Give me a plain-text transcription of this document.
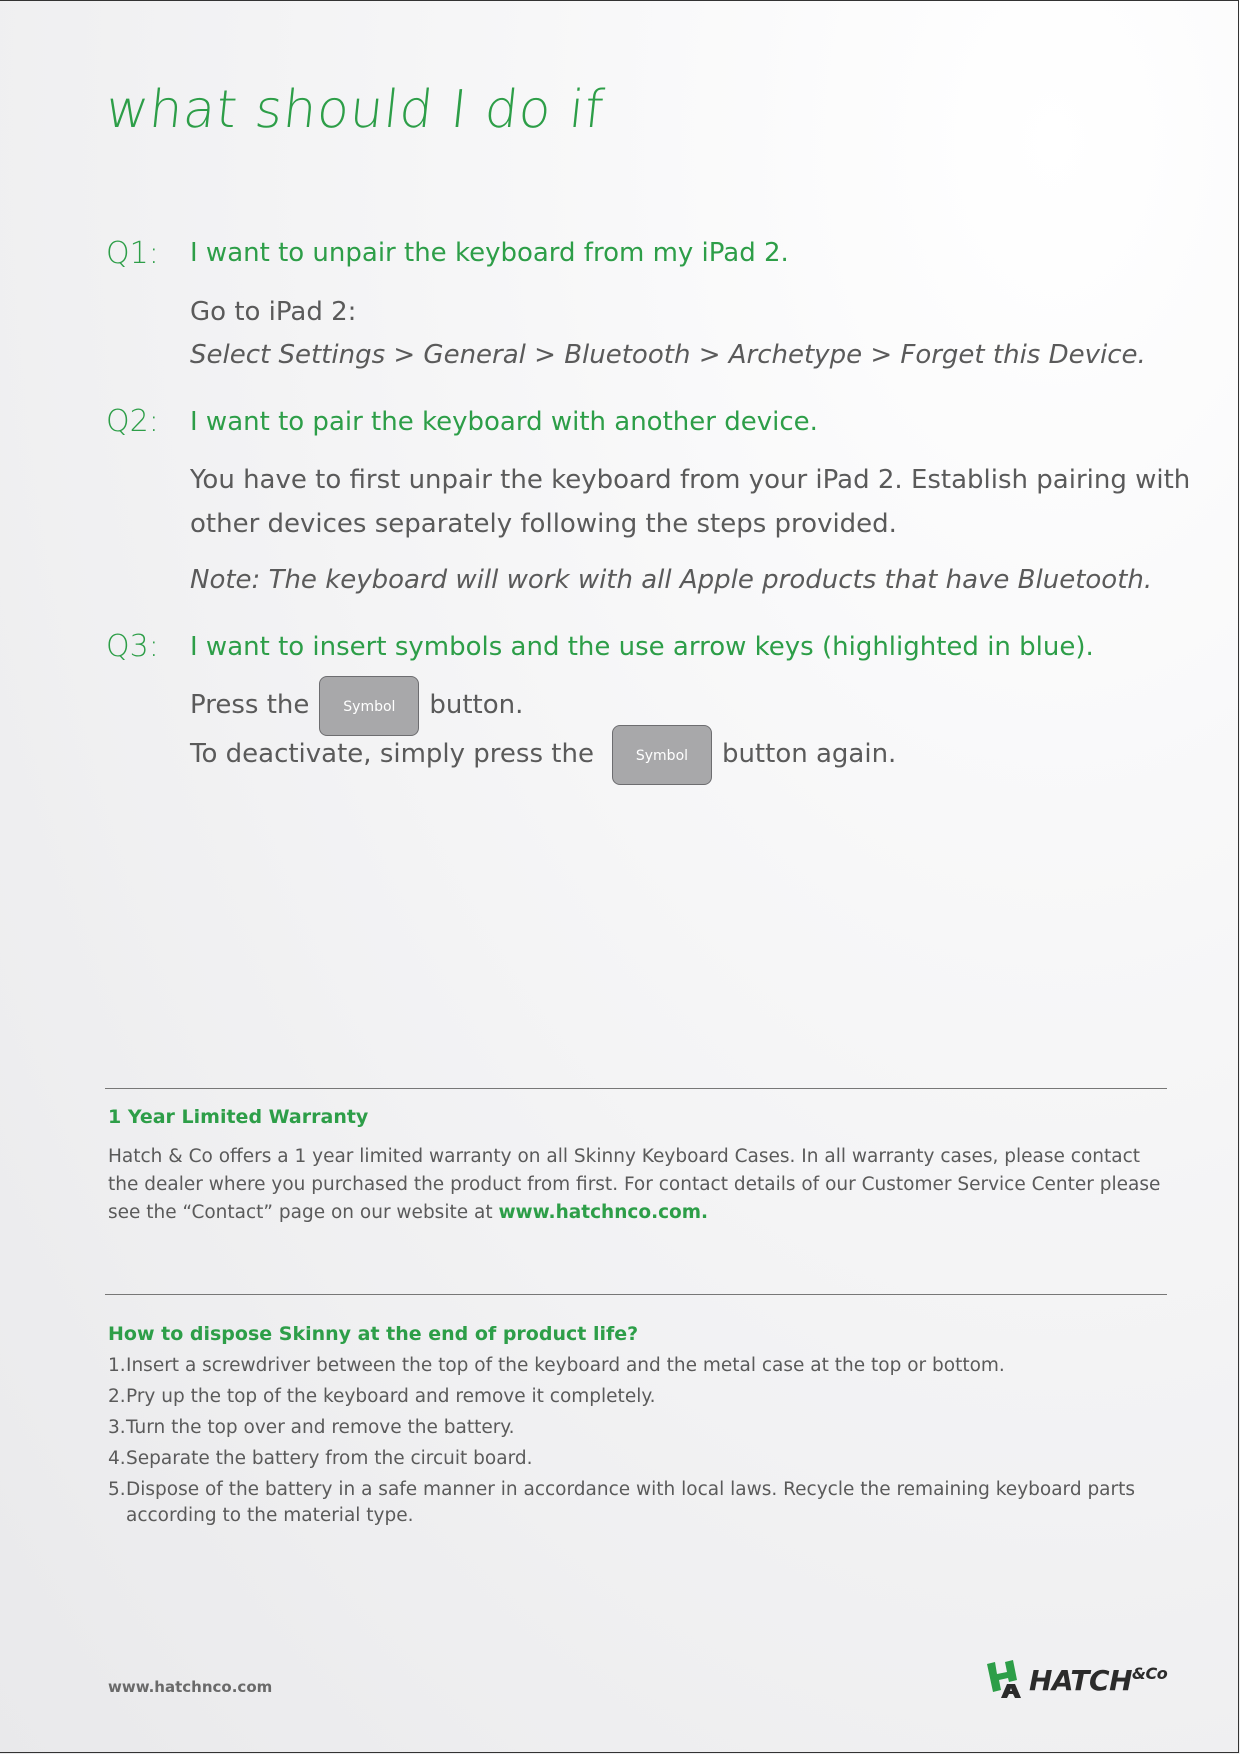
what should I do if
Q1: I want to unpair the keyboard from my iPad 2.
Go to iPad 2:
Select Settings > General > Bluetooth > Archetype > Forget this Device.
Q2: I want to pair the keyboard with another device.
You have to first unpair the keyboard from your iPad 2. Establish pairing with
other devices separately following the steps provided.
Note: The keyboard will work with all Apple products that have Bluetooth.
Q3: I want to insert symbols and the use arrow keys (highlighted in blue).
Press the Symbol button.
To deactivate, simply press the	Symbol button again.
1 Year Limited Warranty
Hatch & Co offers a 1 year limited warranty on all Skinny Keyboard Cases. In all warranty cases, please contact the dealer where you purchased the product from first. For contact details of our Customer Service Center please see the “Contact” page on our website at www.hatchnco.com.
How to dispose Skinny at the end of product life?
1.Insert a screwdriver between the top of the keyboard and the metal case at the top or bottom.
2.Pry up the top of the keyboard and remove it completely.
3.Turn the top over and remove the battery.
4.Separate the battery from the circuit board.
5.Dispose of the battery in a safe manner in accordance with local laws. Recycle the remaining keyboard parts according to the material type.
www.hatchnco.com	$HATCH^{\&Co}$
